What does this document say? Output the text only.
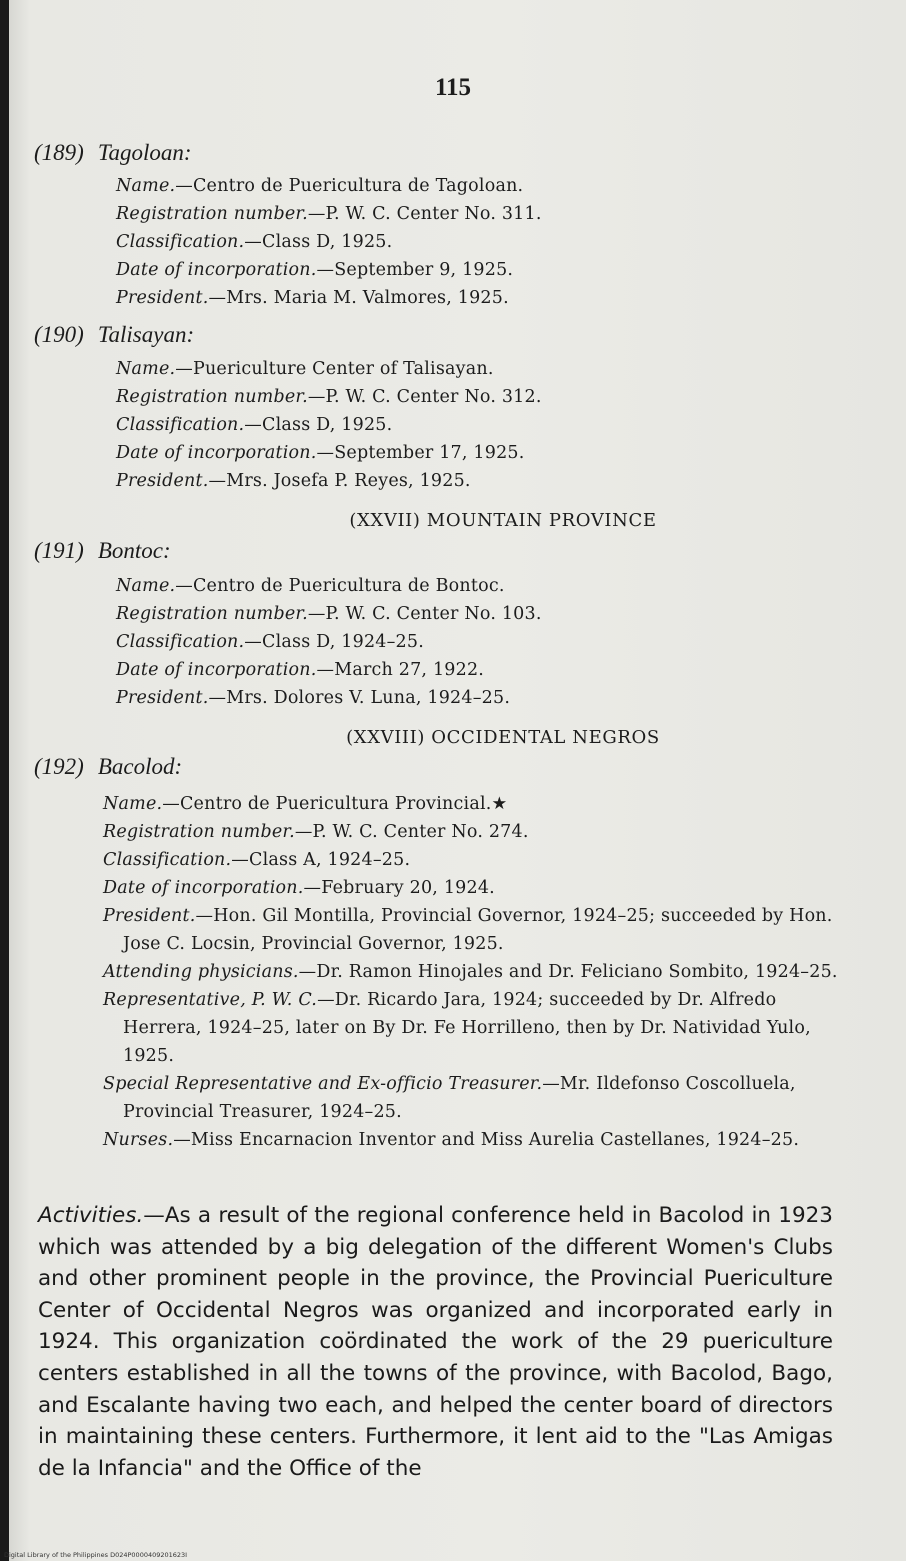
115
(189) Tagoloan:
Name.—Centro de Puericultura de Tagoloan.
Registration number.—P. W. C. Center No. 311.
Classification.—Class D, 1925.
Date of incorporation.—September 9, 1925.
President.—Mrs. Maria M. Valmores, 1925.
(190) Talisayan:
Name.—Puericulture Center of Talisayan.
Registration number.—P. W. C. Center No. 312.
Classification.—Class D, 1925.
Date of incorporation.—September 17, 1925.
President.—Mrs. Josefa P. Reyes, 1925.
(XXVII) MOUNTAIN PROVINCE
(191) Bontoc:
Name.—Centro de Puericultura de Bontoc.
Registration number.—P. W. C. Center No. 103.
Classification.—Class D, 1924–25.
Date of incorporation.—March 27, 1922.
President.—Mrs. Dolores V. Luna, 1924–25.
(XXVIII) OCCIDENTAL NEGROS
(192) Bacolod:
Name.—Centro de Puericultura Provincial.★
Registration number.—P. W. C. Center No. 274.
Classification.—Class A, 1924–25.
Date of incorporation.—February 20, 1924.
President.—Hon. Gil Montilla, Provincial Governor, 1924–25; succeeded by Hon. Jose C. Locsin, Provincial Governor, 1925.
Attending physicians.—Dr. Ramon Hinojales and Dr. Feliciano Sombito, 1924–25.
Representative, P. W. C.—Dr. Ricardo Jara, 1924; succeeded by Dr. Alfredo Herrera, 1924–25, later on By Dr. Fe Horrilleno, then by Dr. Natividad Yulo, 1925.
Special Representative and Ex-officio Treasurer.—Mr. Ildefonso Coscolluela, Provincial Treasurer, 1924–25.
Nurses.—Miss Encarnacion Inventor and Miss Aurelia Castellanes, 1924–25.
Activities.—As a result of the regional conference held in Bacolod in 1923 which was attended by a big delegation of the different Women's Clubs and other prominent people in the province, the Provincial Puericulture Center of Occidental Negros was organized and incorporated early in 1924. This organization coördinated the work of the 29 puericulture centers established in all the towns of the province, with Bacolod, Bago, and Escalante having two each, and helped the center board of directors in maintaining these centers. Furthermore, it lent aid to the "Las Amigas de la Infancia" and the Office of the
Digital Library of the Philippines D024P0000409201623I
